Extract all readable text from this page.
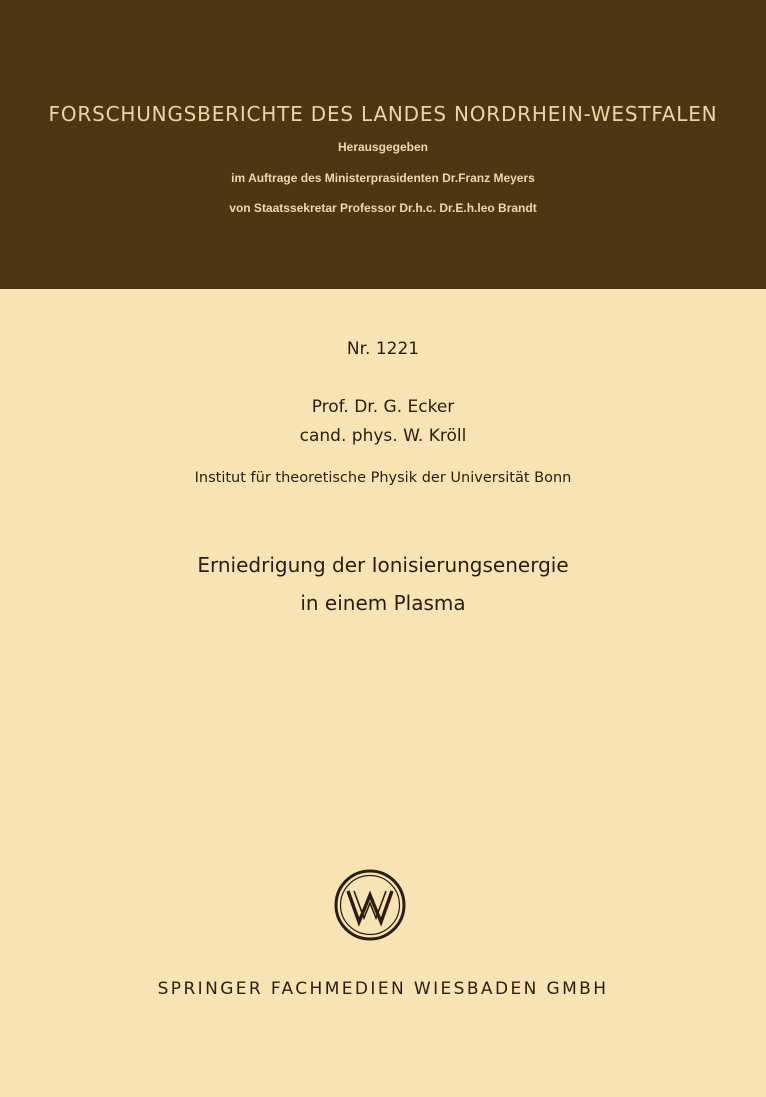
FORSCHUNGSBERICHTE DES LANDES NORDRHEIN-WESTFALEN
Herausgegeben
im Auftrage des Ministerprasidenten Dr.Franz Meyers
von Staatssekretar Professor Dr.h.c. Dr.E.h.leo Brandt
Nr. 1221
Prof. Dr. G. Ecker
cand. phys. W. Kröll
Institut für theoretische Physik der Universität Bonn
Erniedrigung der Ionisierungsenergie
in einem Plasma
SPRINGER FACHMEDIEN WIESBADEN GMBH
